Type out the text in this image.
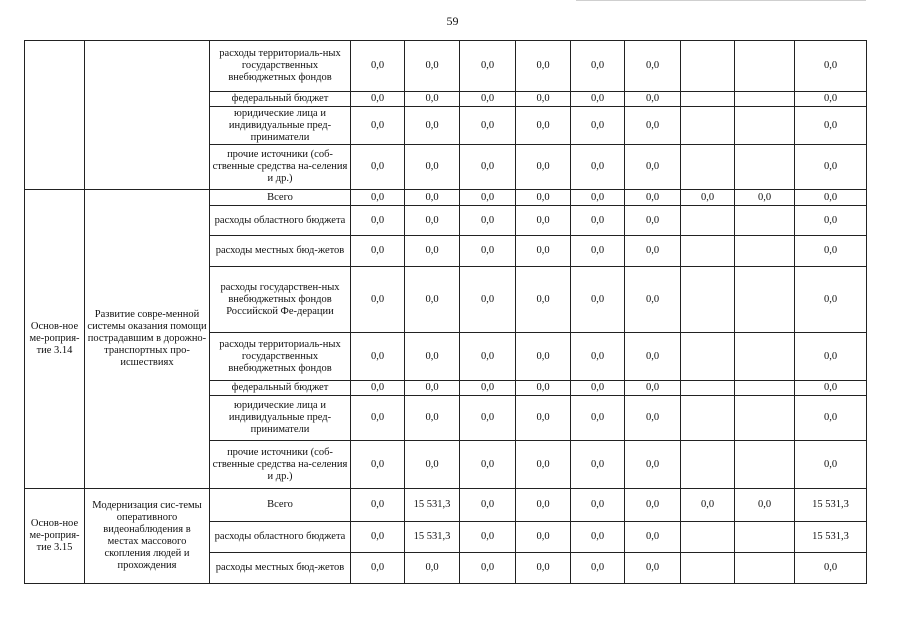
59
		расходы территориаль-ных государственных внебюджетных фондов	0,0	0,0	0,0	0,0	0,0	0,0			0,0
		федеральный бюджет	0,0	0,0	0,0	0,0	0,0	0,0			0,0
		юридические лица и индивидуальные пред-приниматели	0,0	0,0	0,0	0,0	0,0	0,0			0,0
		прочие источники (соб-ственные средства на-селения и др.)	0,0	0,0	0,0	0,0	0,0	0,0			0,0
Основ-ное ме-роприя-тие 3.14	Развитие совре-менной системы оказания помощи пострадавшим в дорожно-транспортных про-исшествиях	Всего	0,0	0,0	0,0	0,0	0,0	0,0	0,0	0,0	0,0
		расходы областного бюджета	0,0	0,0	0,0	0,0	0,0	0,0			0,0
		расходы местных бюд-жетов	0,0	0,0	0,0	0,0	0,0	0,0			0,0
		расходы государствен-ных внебюджетных фондов Российской Фе-дерации	0,0	0,0	0,0	0,0	0,0	0,0			0,0
		расходы территориаль-ных государственных внебюджетных фондов	0,0	0,0	0,0	0,0	0,0	0,0			0,0
		федеральный бюджет	0,0	0,0	0,0	0,0	0,0	0,0			0,0
		юридические лица и индивидуальные пред-приниматели	0,0	0,0	0,0	0,0	0,0	0,0			0,0
		прочие источники (соб-ственные средства на-селения и др.)	0,0	0,0	0,0	0,0	0,0	0,0			0,0
Основ-ное ме-роприя-тие 3.15	Модернизация сис-темы оперативного видеонаблюдения в местах массового скопления людей и прохождения	Всего	0,0	15 531,3	0,0	0,0	0,0	0,0	0,0	0,0	15 531,3
		расходы областного бюджета	0,0	15 531,3	0,0	0,0	0,0	0,0			15 531,3
		расходы местных бюд-жетов	0,0	0,0	0,0	0,0	0,0	0,0			0,0
